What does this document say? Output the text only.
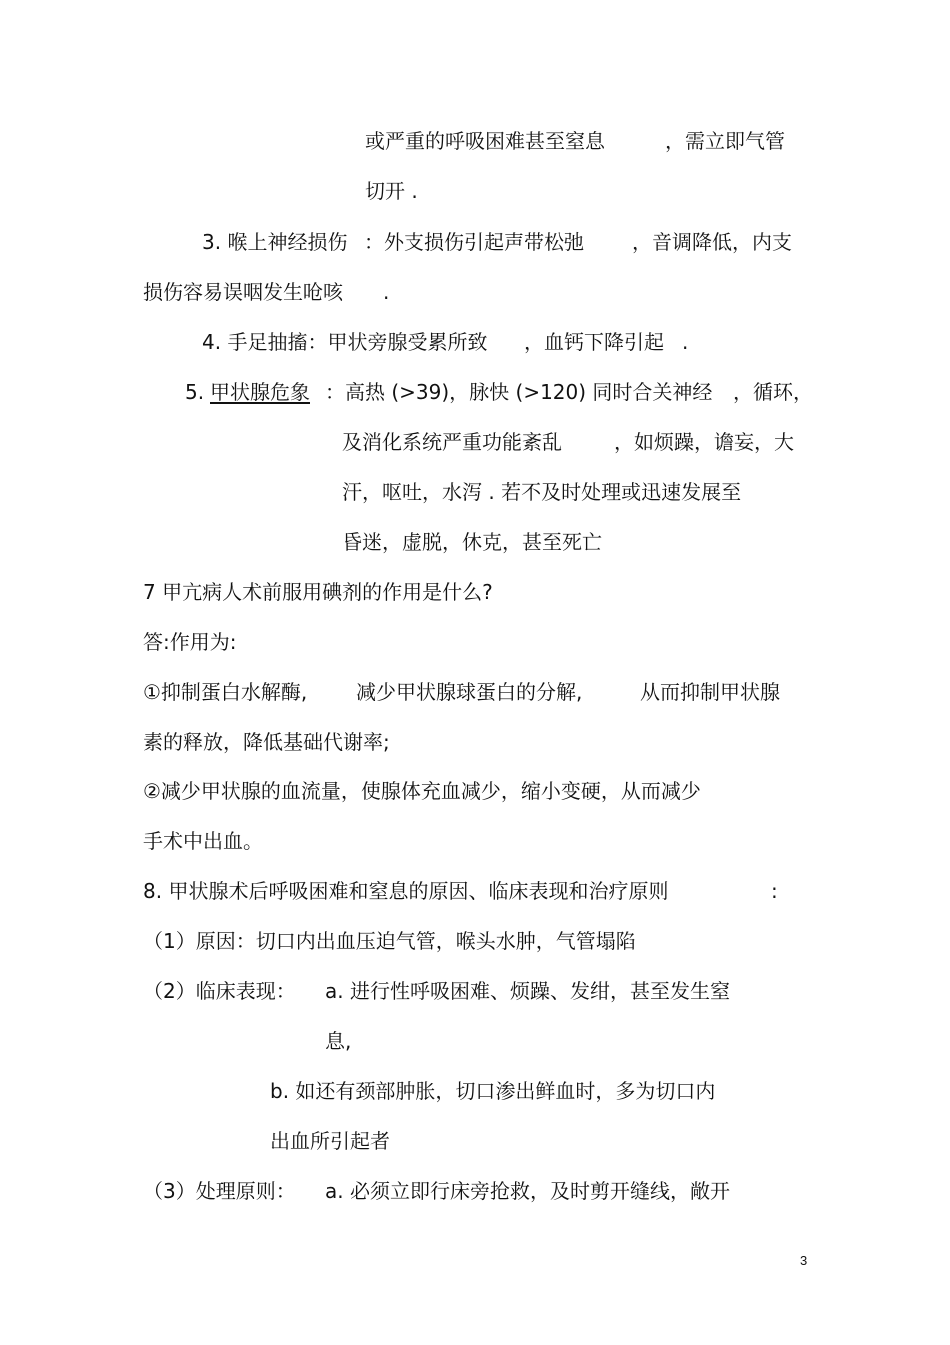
或严重的呼吸困难甚至窒息	，需立即气管
切开 .
3. 喉上神经损伤 ：外支损伤引起声带松弛 ，音调降低，内支
损伤容易误咽发生呛咳 .
4. 手足抽搐：甲状旁腺受累所致 ，血钙下降引起 .
5. 甲状腺危象 ：高热 (>39)，脉快 (>120) 同时合关神经 ，循环，
及消化系统严重功能紊乱	，如烦躁，谵妄，大
汗，呕吐，水泻 . 若不及时处理或迅速发展至
昏迷，虚脱，休克，甚至死亡
7 甲亢病人术前服用碘剂的作用是什么?
答:作用为:
①抑制蛋白水解酶, 减少甲状腺球蛋白的分解,	从而抑制甲状腺
素的释放，降低基础代谢率;
②减少甲状腺的血流量，使腺体充血减少，缩小变硬，从而减少
手术中出血。
8. 甲状腺术后呼吸困难和窒息的原因、临床表现和治疗原则	:
（1）原因：切口内出血压迫气管，喉头水肿，气管塌陷
（2）临床表现： a. 进行性呼吸困难、烦躁、发绀，甚至发生窒
息,
b. 如还有颈部肿胀，切口渗出鲜血时，多为切口内
出血所引起者
（3）处理原则： a. 必须立即行床旁抢救，及时剪开缝线，敞开
3
